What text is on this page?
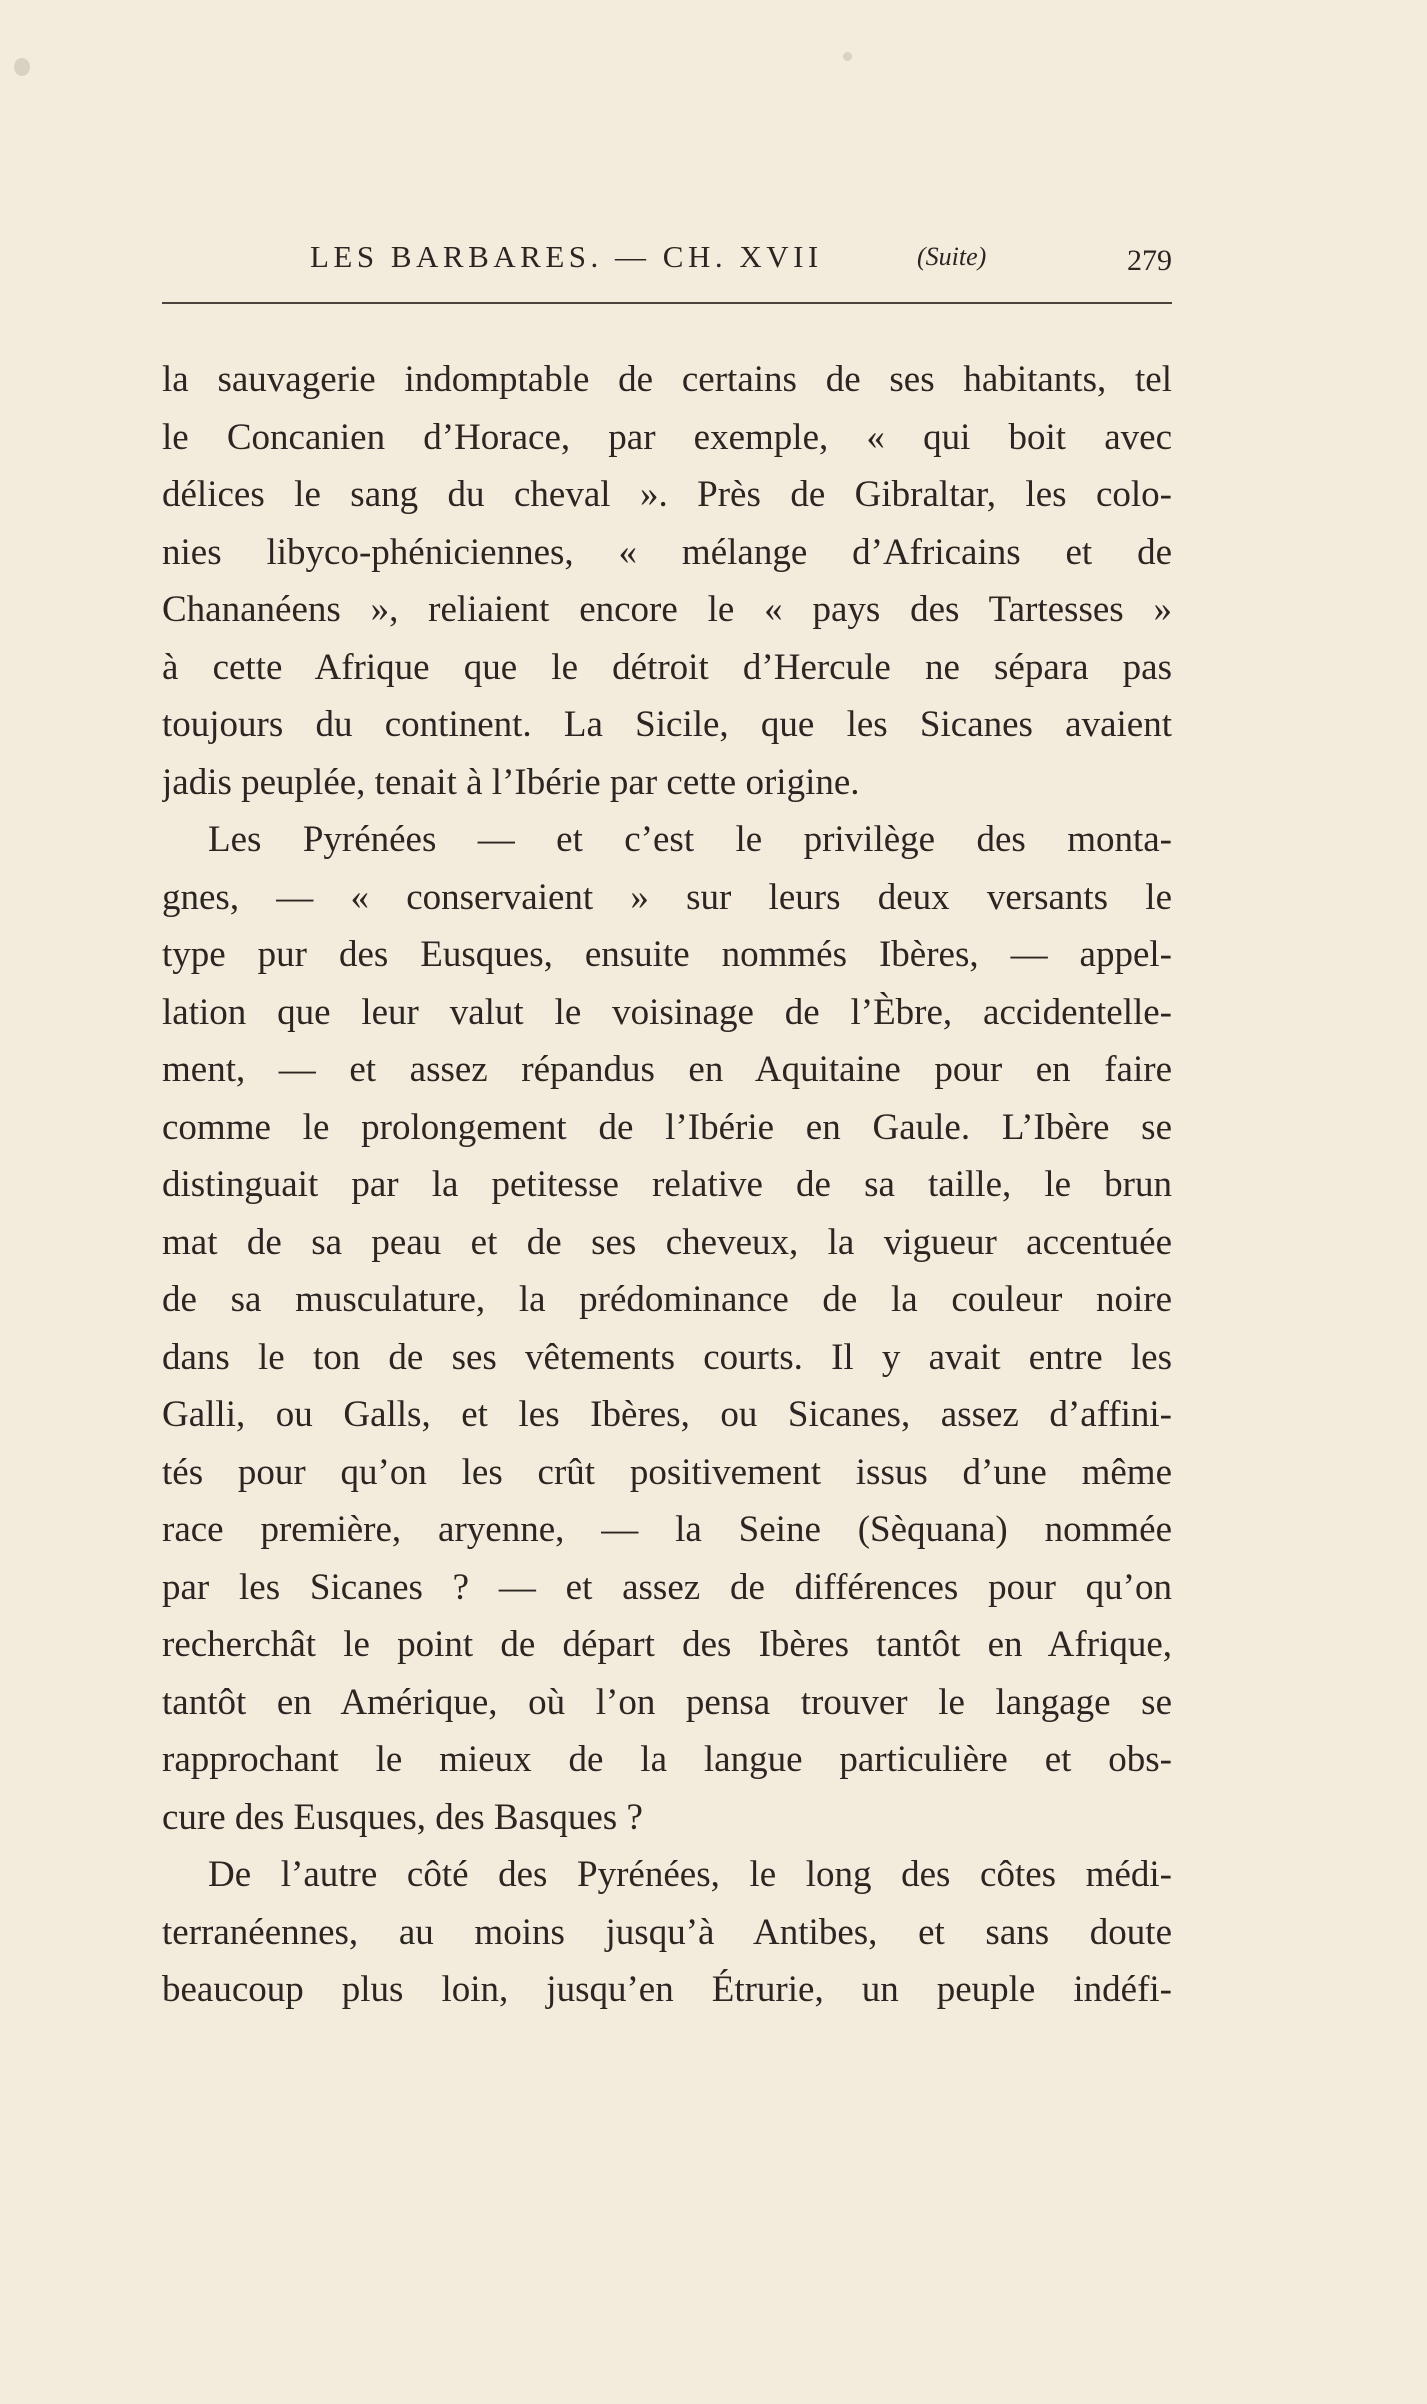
LES BARBARES. — CH. XVII	(Suite)	279
la sauvagerie indomptable de certains de ses habitants, tel
le Concanien d’Horace, par exemple, « qui boit avec
délices le sang du cheval ». Près de Gibraltar, les colo-
nies libyco-phéniciennes, « mélange d’Africains et de
Chananéens », reliaient encore le « pays des Tartesses »
à cette Afrique que le détroit d’Hercule ne sépara pas
toujours du continent. La Sicile, que les Sicanes avaient
jadis peuplée, tenait à l’Ibérie par cette origine.
Les Pyrénées — et c’est le privilège des monta-
gnes, — « conservaient » sur leurs deux versants le
type pur des Eusques, ensuite nommés Ibères, — appel-
lation que leur valut le voisinage de l’Èbre, accidentelle-
ment, — et assez répandus en Aquitaine pour en faire
comme le prolongement de l’Ibérie en Gaule. L’Ibère se
distinguait par la petitesse relative de sa taille, le brun
mat de sa peau et de ses cheveux, la vigueur accentuée
de sa musculature, la prédominance de la couleur noire
dans le ton de ses vêtements courts. Il y avait entre les
Galli, ou Galls, et les Ibères, ou Sicanes, assez d’affini-
tés pour qu’on les crût positivement issus d’une même
race première, aryenne, — la Seine (Sèquana) nommée
par les Sicanes ? — et assez de différences pour qu’on
recherchât le point de départ des Ibères tantôt en Afrique,
tantôt en Amérique, où l’on pensa trouver le langage se
rapprochant le mieux de la langue particulière et obs-
cure des Eusques, des Basques ?
De l’autre côté des Pyrénées, le long des côtes médi-
terranéennes, au moins jusqu’à Antibes, et sans doute
beaucoup plus loin, jusqu’en Étrurie, un peuple indéfi-
